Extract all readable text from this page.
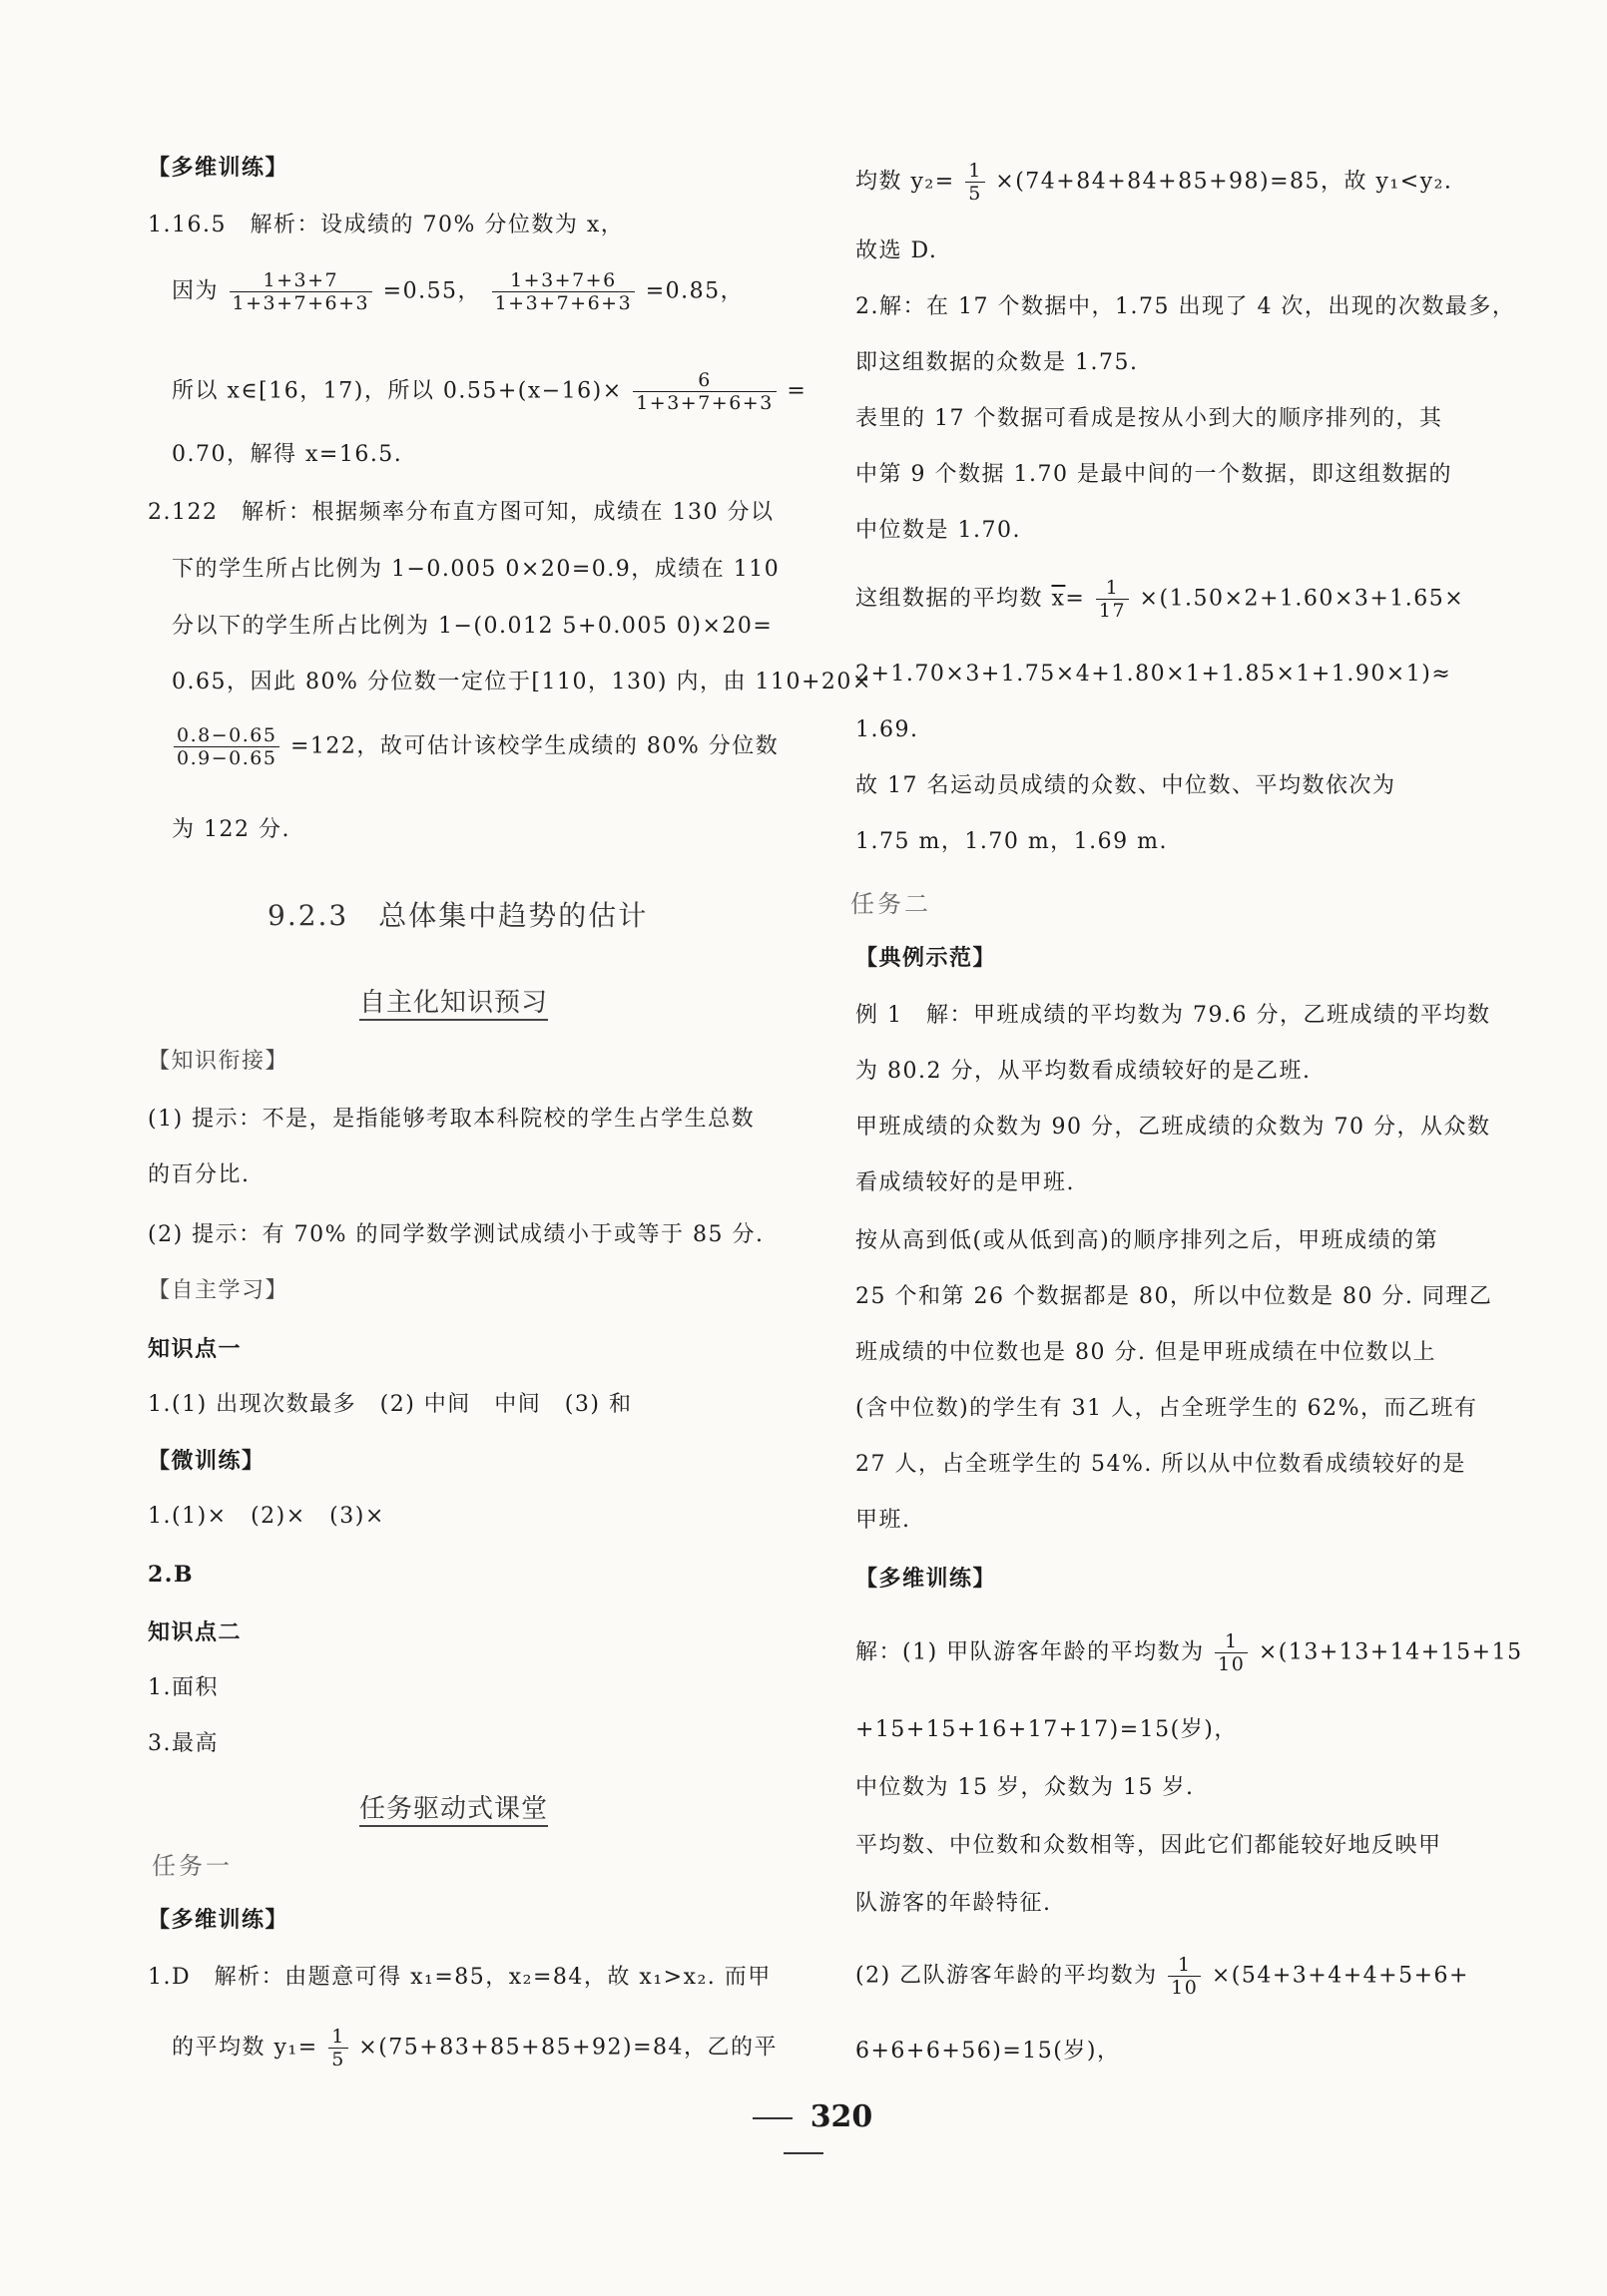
【多维训练】
1.16.5　解析：设成绩的 70% 分位数为 x，
因为 $\frac{1+3+7}{1+3+7+6+3} =0.55$， $\frac{1+3+7+6}{1+3+7+6+3} =0.85$，
所以 x∈[16，17)，所以 $0.55+(x-16)\times \frac{6}{1+3+7+6+3}$ =
0.70，解得 x=16.5.
2.122　解析：根据频率分布直方图可知，成绩在 130 分以
下的学生所占比例为 1−0.005 0×20=0.9，成绩在 110
分以下的学生所占比例为 1−(0.012 5+0.005 0)×20=
0.65，因此 80% 分位数一定位于[110，130) 内，由 110+20×
$\frac{0.8-0.65}{0.9-0.65} =122$，故可估计该校学生成绩的 80% 分位数
为 122 分.
9.2.3　总体集中趋势的估计
自主化知识预习
【知识衔接】
(1) 提示：不是，是指能够考取本科院校的学生占学生总数
的百分比.
(2) 提示：有 70% 的同学数学测试成绩小于或等于 85 分.
【自主学习】
知识点一
1.(1) 出现次数最多　(2) 中间　中间　(3) 和
【微训练】
1.(1)×　(2)×　(3)×
2.B
知识点二
1.面积
3.最高
任务驱动式课堂
任务一
【多维训练】
1.D　解析：由题意可得 x₁=85，x₂=84，故 x₁>x₂. 而甲
的平均数 $y_1= \frac{1}{5} \times(75+83+85+85+92)=84$，乙的平
均数 $y_2= \frac{1}{5} \times(74+84+84+85+98)=85$，故 y₁<y₂.
故选 D.
2.解：在 17 个数据中，1.75 出现了 4 次，出现的次数最多，
即这组数据的众数是 1.75.
表里的 17 个数据可看成是按从小到大的顺序排列的，其
中第 9 个数据 1.70 是最中间的一个数据，即这组数据的
中位数是 1.70.
这组数据的平均数 $\overline{x}= \frac{1}{17} \times(1.50\times 2+1.60\times 3+1.65\times$
2+1.70×3+1.75×4+1.80×1+1.85×1+1.90×1)≈
1.69.
故 17 名运动员成绩的众数、中位数、平均数依次为
1.75 m，1.70 m，1.69 m.
任务二
【典例示范】
例 1　解：甲班成绩的平均数为 79.6 分，乙班成绩的平均数
为 80.2 分，从平均数看成绩较好的是乙班.
甲班成绩的众数为 90 分，乙班成绩的众数为 70 分，从众数
看成绩较好的是甲班.
按从高到低(或从低到高)的顺序排列之后，甲班成绩的第
25 个和第 26 个数据都是 80，所以中位数是 80 分. 同理乙
班成绩的中位数也是 80 分. 但是甲班成绩在中位数以上
(含中位数)的学生有 31 人，占全班学生的 62%，而乙班有
27 人，占全班学生的 54%. 所以从中位数看成绩较好的是
甲班.
【多维训练】
解：(1) 甲队游客年龄的平均数为 $\frac{1}{10} \times(13+13+14+15+15$
+15+15+16+17+17)=15(岁)，
中位数为 15 岁，众数为 15 岁.
平均数、中位数和众数相等，因此它们都能较好地反映甲
队游客的年龄特征.
(2) 乙队游客年龄的平均数为 $\frac{1}{10} \times(54+3+4+4+5+6+$
6+6+6+56)=15(岁)，
320
